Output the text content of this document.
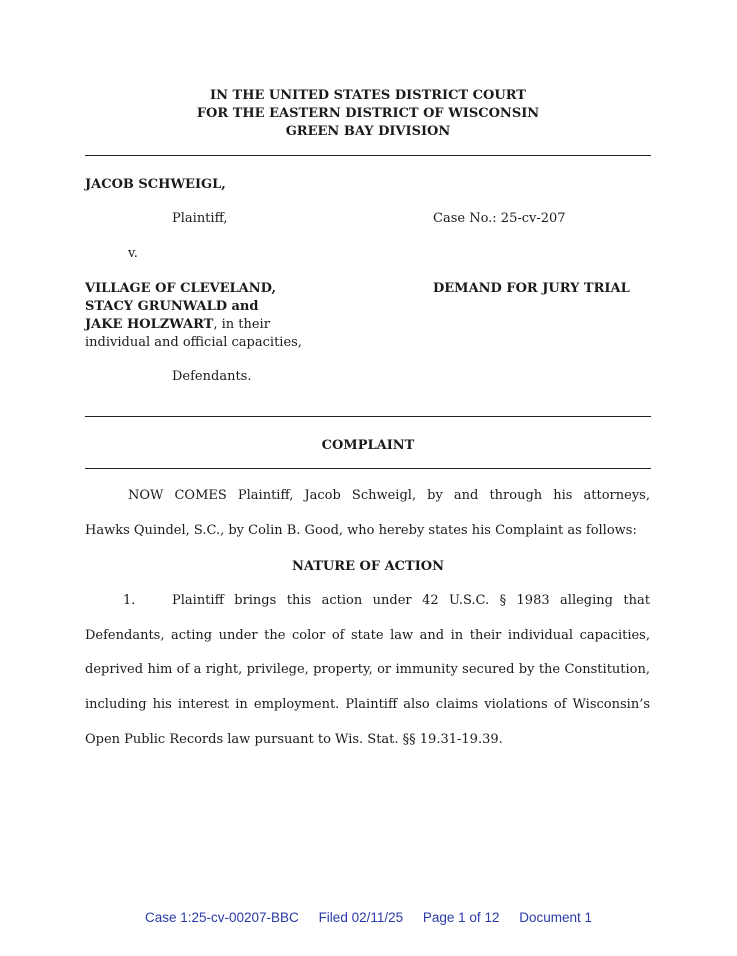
IN THE UNITED STATES DISTRICT COURT
FOR THE EASTERN DISTRICT OF WISCONSIN
GREEN BAY DIVISION
JACOB SCHWEIGL,
Plaintiff,	Case No.: 25-cv-207
v.
VILLAGE OF CLEVELAND,
STACY GRUNWALD and
JAKE HOLZWART, in their
individual and official capacities,
DEMAND FOR JURY TRIAL
Defendants.
COMPLAINT
NOW COMES Plaintiff, Jacob Schweigl, by and through his attorneys,
Hawks Quindel, S.C., by Colin B. Good, who hereby states his Complaint as follows:
NATURE OF ACTION
1.	Plaintiff brings this action under 42 U.S.C. § 1983 alleging that
Defendants, acting under the color of state law and in their individual capacities,
deprived him of a right, privilege, property, or immunity secured by the Constitution,
including his interest in employment. Plaintiff also claims violations of Wisconsin’s
Open Public Records law pursuant to Wis. Stat. §§ 19.31-19.39.
Case 1:25-cv-00207-BBC Filed 02/11/25 Page 1 of 12 Document 1
